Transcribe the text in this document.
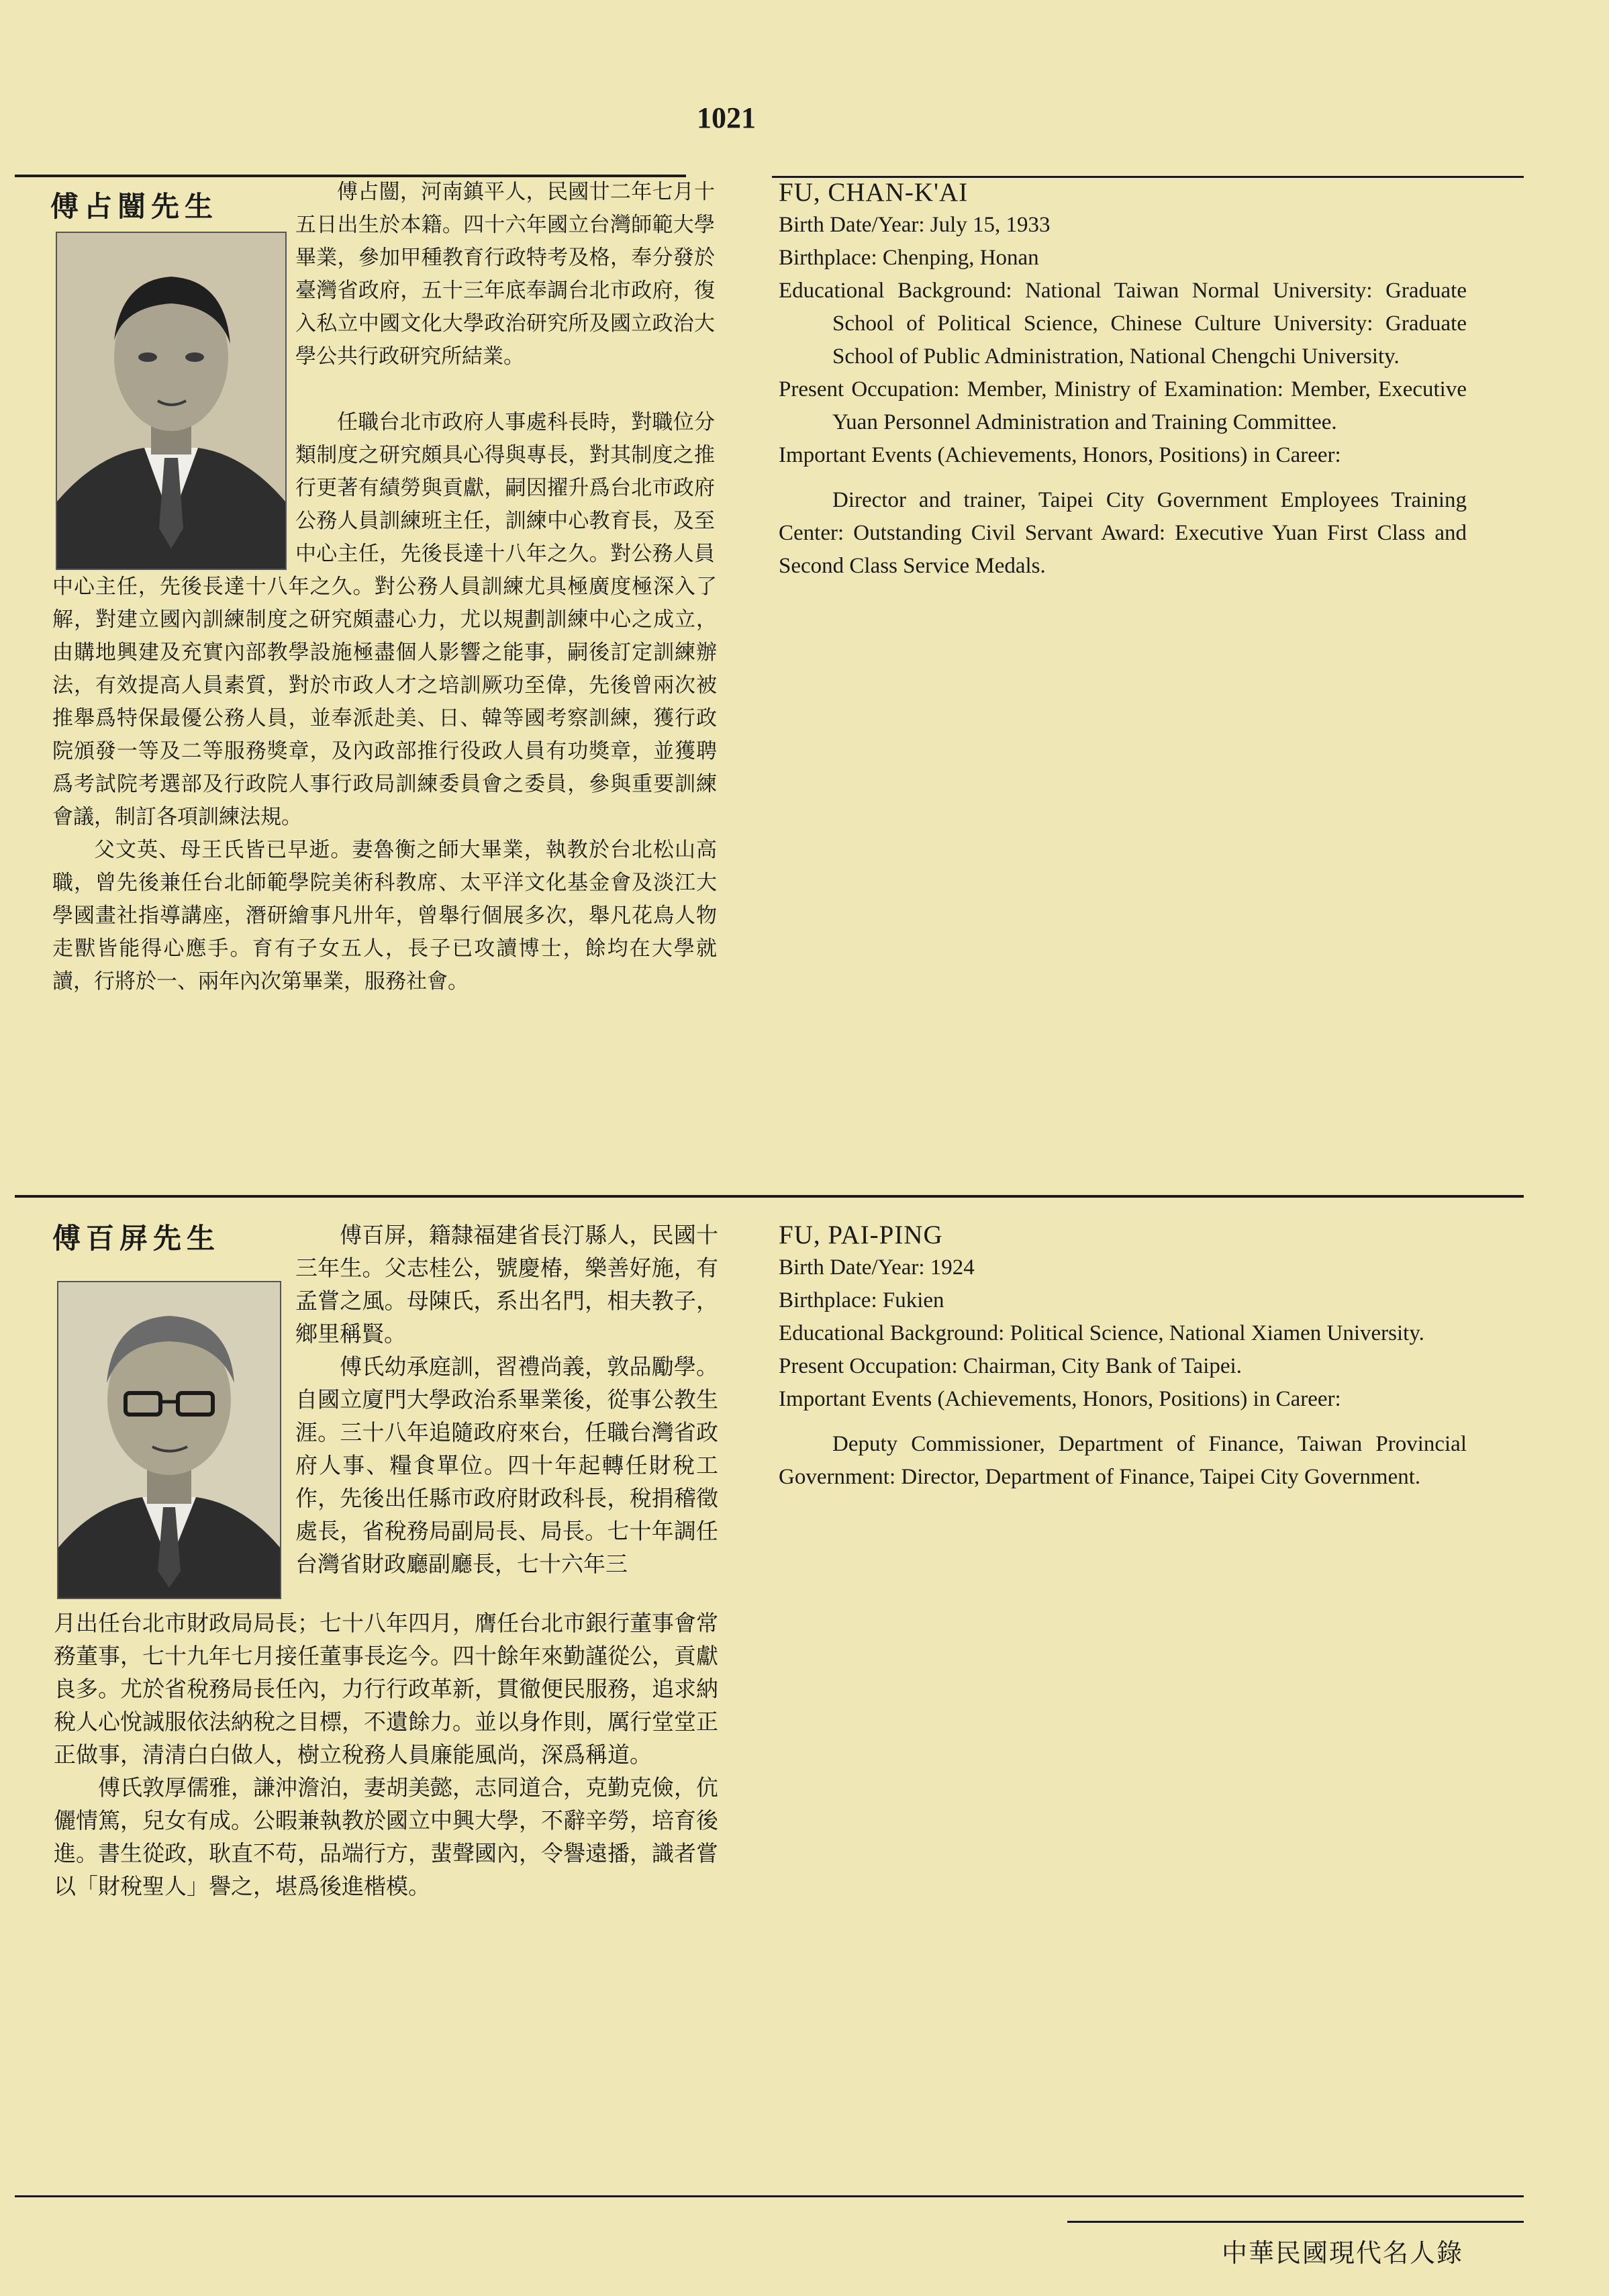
1021
傅占闓先生	傅占闓，河南鎮平人，民國廿二年七月十五日出生於本籍。四十六年國立台灣師範大學畢業，參加甲種教育行政特考及格，奉分發於臺灣省政府，五十三年底奉調台北市政府，復入私立中國文化大學政治研究所及國立政治大學公共行政研究所結業。

任職台北市政府人事處科長時，對職位分類制度之研究頗具心得與專長，對其制度之推行更著有績勞與貢獻，嗣因擢升爲台北市政府公務人員訓練班主任，訓練中心教育長，及至中心主任，先後長達十八年之久。對公務人員

中心主任，先後長達十八年之久。對公務人員訓練尤具極廣度極深入了解，對建立國內訓練制度之研究頗盡心力，尤以規劃訓練中心之成立，由購地興建及充實內部教學設施極盡個人影響之能事，嗣後訂定訓練辦法，有效提高人員素質，對於市政人才之培訓厥功至偉，先後曾兩次被推舉爲特保最優公務人員，並奉派赴美、日、韓等國考察訓練，獲行政院頒發一等及二等服務獎章，及內政部推行役政人員有功獎章，並獲聘爲考試院考選部及行政院人事行政局訓練委員會之委員，參與重要訓練會議，制訂各項訓練法規。

父文英、母王氏皆已早逝。妻魯衡之師大畢業，執教於台北松山高職，曾先後兼任台北師範學院美術科教席、太平洋文化基金會及淡江大學國畫社指導講座，潛研繪事凡卅年，曾舉行個展多次，舉凡花鳥人物走獸皆能得心應手。育有子女五人，長子已攻讀博士，餘均在大學就讀，行將於一、兩年內次第畢業，服務社會。

FU, CHAN-K'AI
Birth Date/Year: July 15, 1933
Birthplace: Chenping, Honan
Educational Background: National Taiwan Normal University: Graduate School of Political Science, Chinese Culture University: Graduate School of Public Administration, National Chengchi University.
Present Occupation: Member, Ministry of Examination: Member, Executive Yuan Personnel Administration and Training Committee.
Important Events (Achievements, Honors, Positions) in Career:
Director and trainer, Taipei City Government Employees Training Center: Outstanding Civil Servant Award: Executive Yuan First Class and Second Class Service Medals.
傅百屏先生	傅百屏，籍隸福建省長汀縣人，民國十三年生。父志桂公，號慶椿，樂善好施，有孟嘗之風。母陳氏，系出名門，相夫教子，鄉里稱賢。

傅氏幼承庭訓，習禮尚義，敦品勵學。自國立廈門大學政治系畢業後，從事公教生涯。三十八年追隨政府來台，任職台灣省政府人事、糧食單位。四十年起轉任財稅工作，先後出任縣市政府財政科長，稅捐稽徵處長，省稅務局副局長、局長。七十年調任台灣省財政廳副廳長，七十六年三

月出任台北市財政局局長；七十八年四月，膺任台北市銀行董事會常務董事，七十九年七月接任董事長迄今。四十餘年來勤謹從公，貢獻良多。尤於省稅務局長任內，力行行政革新，貫徹便民服務，追求納稅人心悅誠服依法納稅之目標，不遺餘力。並以身作則，厲行堂堂正正做事，清清白白做人，樹立稅務人員廉能風尚，深爲稱道。

傅氏敦厚儒雅，謙沖澹泊，妻胡美懿，志同道合，克勤克儉，伉儷情篤，兒女有成。公暇兼執教於國立中興大學，不辭辛勞，培育後進。書生從政，耿直不苟，品端行方，蜚聲國內，令譽遠播，識者嘗以「財稅聖人」譽之，堪爲後進楷模。

FU, PAI-PING
Birth Date/Year: 1924
Birthplace: Fukien
Educational Background: Political Science, National Xiamen University.
Present Occupation: Chairman, City Bank of Taipei.
Important Events (Achievements, Honors, Positions) in Career:
Deputy Commissioner, Department of Finance, Taiwan Provincial Government: Director, Department of Finance, Taipei City Government.
中華民國現代名人錄
